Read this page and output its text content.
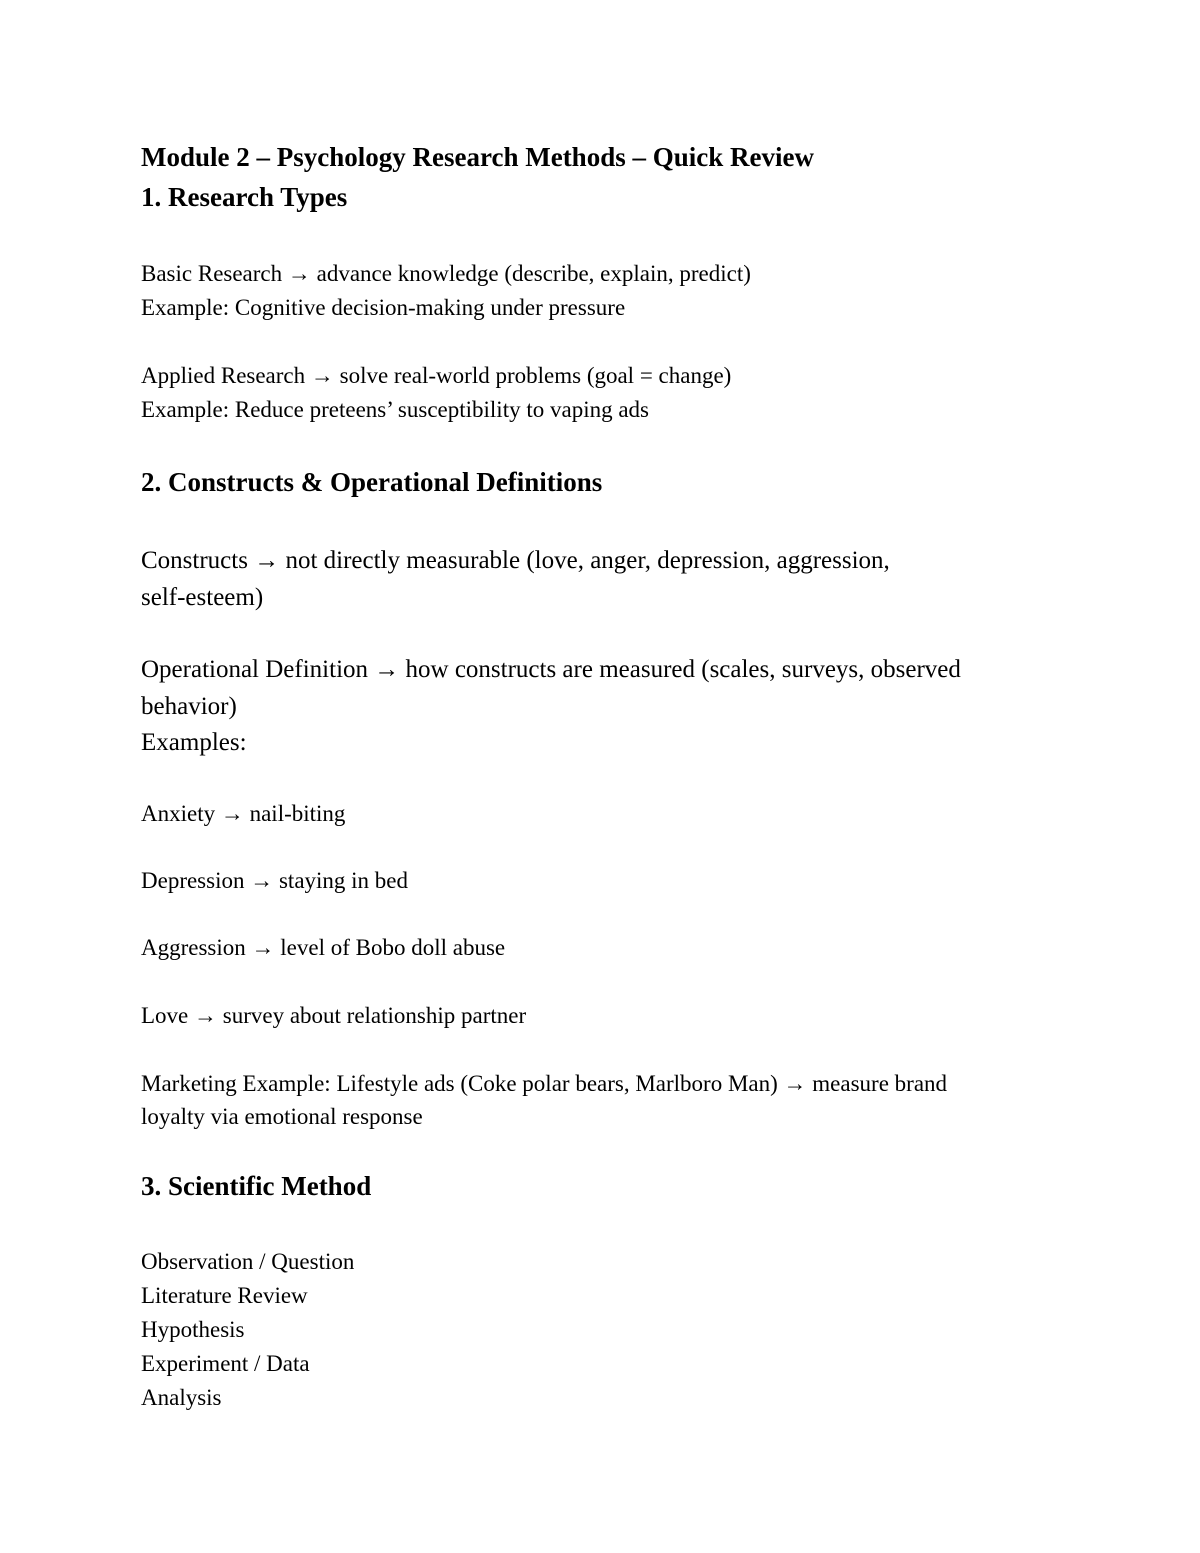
Module 2 – Psychology Research Methods – Quick Review

1. Research Types

Basic Research → advance knowledge (describe, explain, predict)

Example: Cognitive decision-making under pressure

Applied Research → solve real-world problems (goal = change)

Example: Reduce preteens’ susceptibility to vaping ads

2. Constructs & Operational Definitions

Constructs → not directly measurable (love, anger, depression, aggression,

self-esteem)

Operational Definition → how constructs are measured (scales, surveys, observed

behavior)

Examples:

Anxiety → nail-biting

Depression → staying in bed

Aggression → level of Bobo doll abuse

Love → survey about relationship partner

Marketing Example: Lifestyle ads (Coke polar bears, Marlboro Man) → measure brand

loyalty via emotional response

3. Scientific Method

Observation / Question

Literature Review

Hypothesis

Experiment / Data

Analysis
